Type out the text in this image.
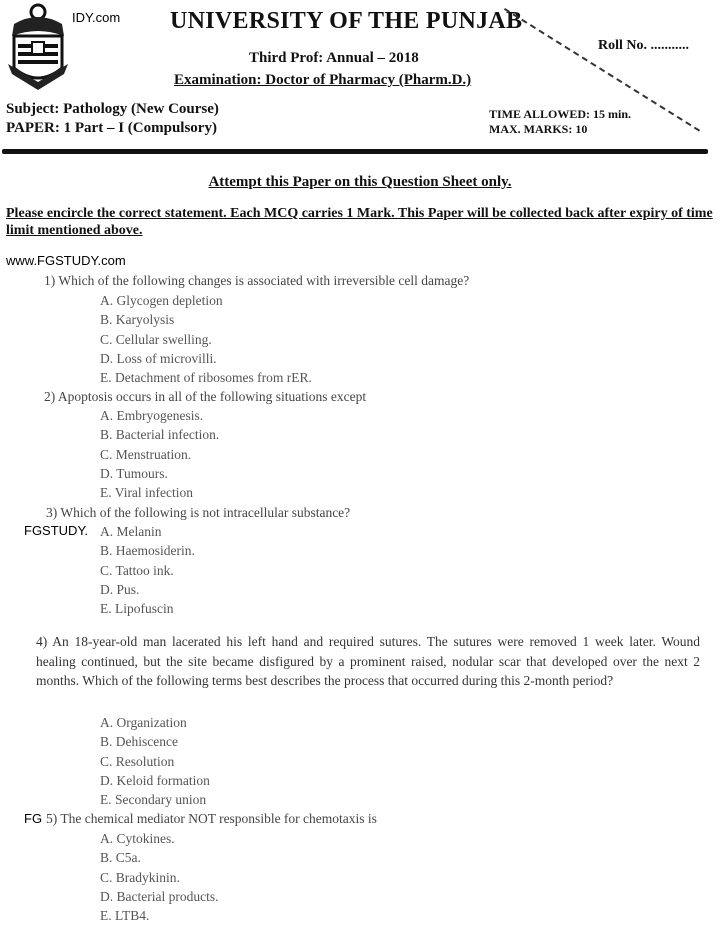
IDY.com UNIVERSITY OF THE PUNJAB
Third Prof: Annual – 2018
Examination: Doctor of Pharmacy (Pharm.D.)
Roll No. ...........
Subject: Pathology (New Course)
PAPER: 1 Part – I (Compulsory)
TIME ALLOWED: 15 min.
MAX. MARKS: 10
Attempt this Paper on this Question Sheet only.
Please encircle the correct statement. Each MCQ carries 1 Mark. This Paper will be collected back after expiry of time limit mentioned above.
www.FGSTUDY.com
1) Which of the following changes is associated with irreversible cell damage?
A. Glycogen depletion
B. Karyolysis
C. Cellular swelling.
D. Loss of microvilli.
E. Detachment of ribosomes from rER.
2) Apoptosis occurs in all of the following situations except
A. Embryogenesis.
B. Bacterial infection.
C. Menstruation.
D. Tumours.
E. Viral infection
3) Which of the following is not intracellular substance?
FGSTUDY. A. Melanin
B. Haemosiderin.
C. Tattoo ink.
D. Pus.
E. Lipofuscin
4) An 18-year-old man lacerated his left hand and required sutures. The sutures were removed 1 week later. Wound healing continued, but the site became disfigured by a prominent raised, nodular scar that developed over the next 2 months. Which of the following terms best describes the process that occurred during this 2-month period?
A. Organization
B. Dehiscence
C. Resolution
D. Keloid formation
E. Secondary union
FG 5) The chemical mediator NOT responsible for chemotaxis is
A. Cytokines.
B. C5a.
C. Bradykinin.
D. Bacterial products.
E. LTB4.
